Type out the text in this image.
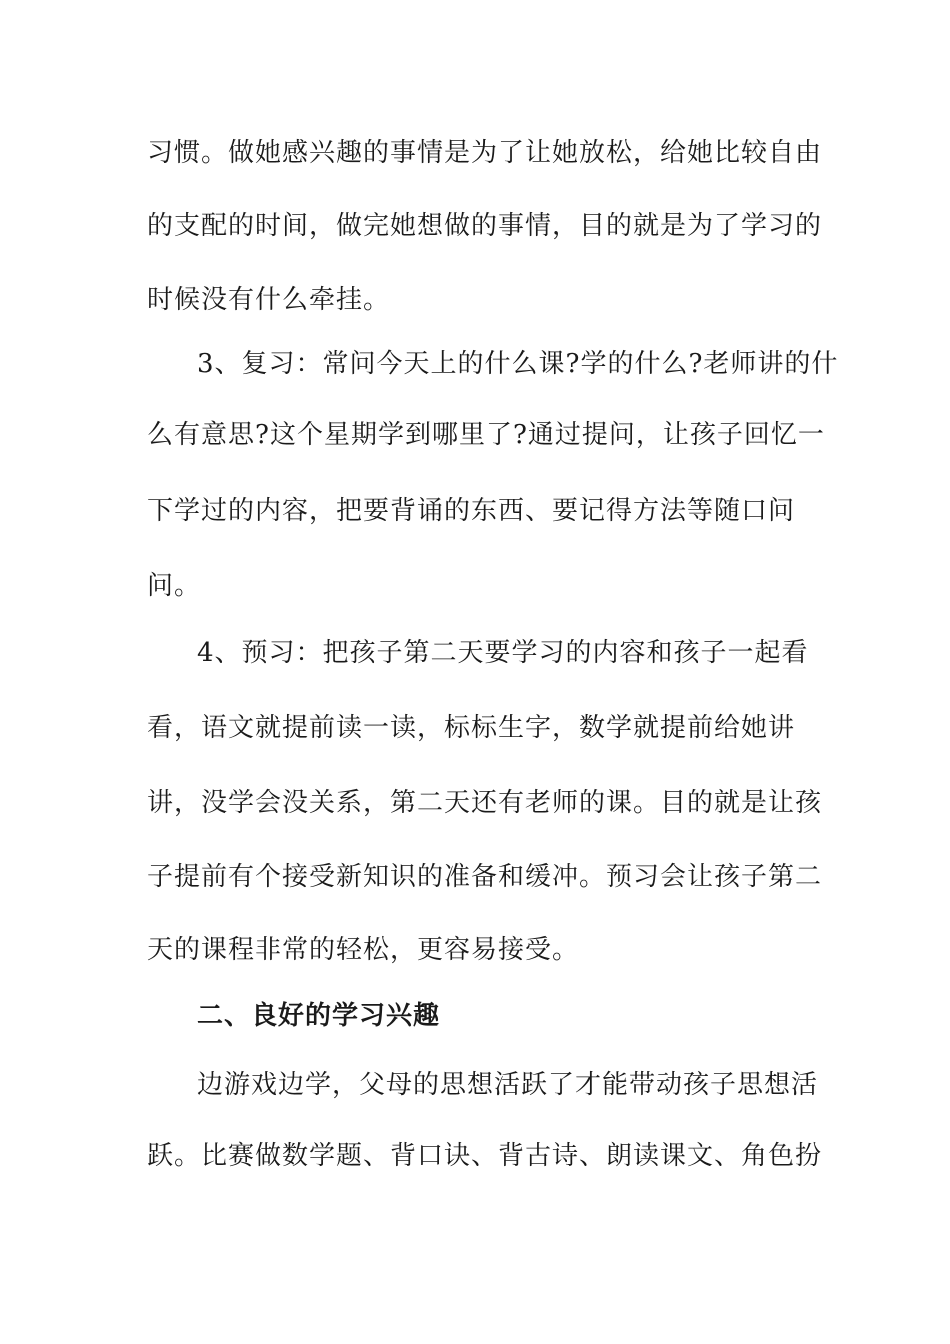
习惯。做她感兴趣的事情是为了让她放松，给她比较自由
的支配的时间，做完她想做的事情，目的就是为了学习的
时候没有什么牵挂。
3、复习：常问今天上的什么课?学的什么?老师讲的什
么有意思?这个星期学到哪里了?通过提问，让孩子回忆一
下学过的内容，把要背诵的东西、要记得方法等随口问
问。
4、预习：把孩子第二天要学习的内容和孩子一起看
看，语文就提前读一读，标标生字，数学就提前给她讲
讲，没学会没关系，第二天还有老师的课。目的就是让孩
子提前有个接受新知识的准备和缓冲。预习会让孩子第二
天的课程非常的轻松，更容易接受。
二、良好的学习兴趣
边游戏边学，父母的思想活跃了才能带动孩子思想活
跃。比赛做数学题、背口诀、背古诗、朗读课文、角色扮
